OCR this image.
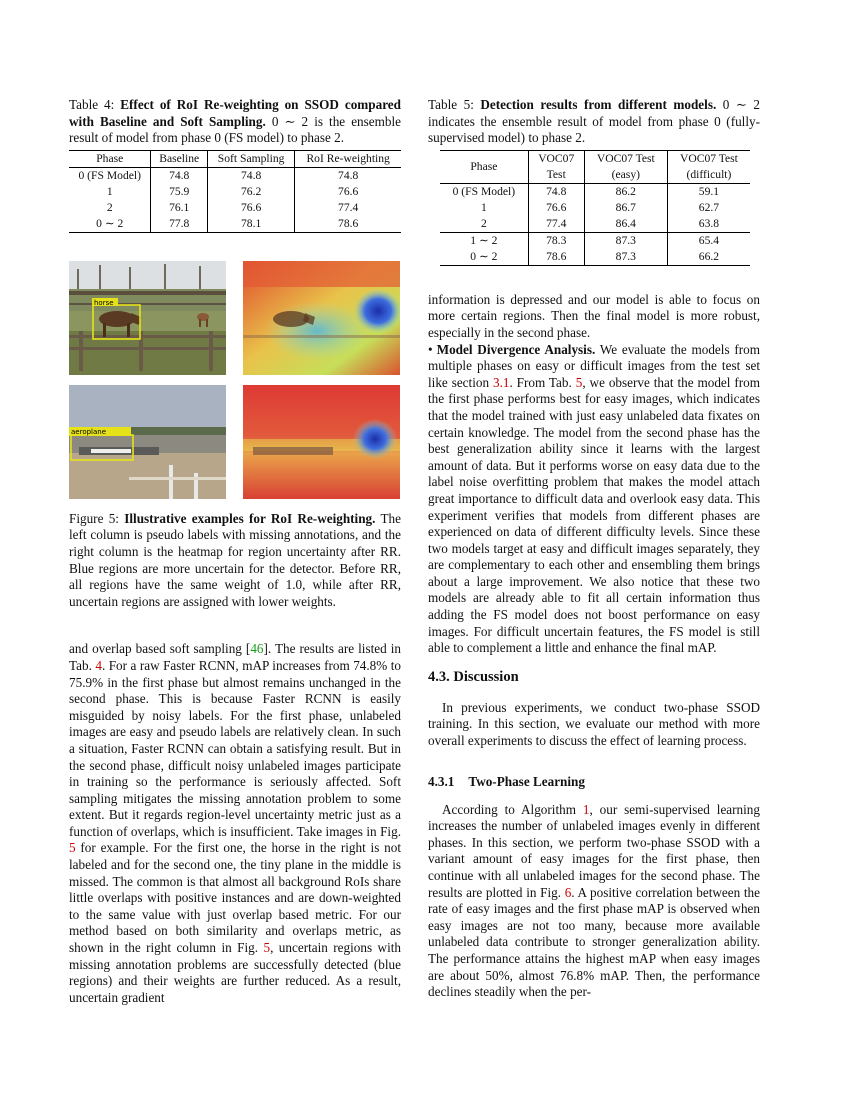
Table 4: Effect of RoI Re-weighting on SSOD compared with Baseline and Soft Sampling. 0 ∼ 2 is the ensemble result of model from phase 0 (FS model) to phase 2.

Phase	Baseline	Soft Sampling	RoI Re-weighting
0 (FS Model)	74.8	74.8	74.8
1	75.9	76.2	76.6
2	76.1	76.6	77.4
0 ∼ 2	77.8	78.1	78.6
horse
aeroplane

Figure 5: Illustrative examples for RoI Re-weighting. The left column is pseudo labels with missing annotations, and the right column is the heatmap for region uncertainty after RR. Blue regions are more uncertain for the detector. Before RR, all regions have the same weight of 1.0, while after RR, uncertain regions are assigned with lower weights.

and overlap based soft sampling [46]. The results are listed in Tab. 4. For a raw Faster RCNN, mAP increases from 74.8% to 75.9% in the first phase but almost remains unchanged in the second phase. This is because Faster RCNN is easily misguided by noisy labels. For the first phase, unlabeled images are easy and pseudo labels are relatively clean. In such a situation, Faster RCNN can obtain a satisfying result. But in the second phase, difficult noisy unlabeled images participate in training so the performance is seriously affected. Soft sampling mitigates the missing annotation problem to some extent. But it regards region-level uncertainty metric just as a function of overlaps, which is insufficient. Take images in Fig. 5 for example. For the first one, the horse in the right is not labeled and for the second one, the tiny plane in the middle is missed. The common is that almost all background RoIs share little overlaps with positive instances and are down-weighted to the same value with just overlap based metric. For our method based on both similarity and overlaps metric, as shown in the right column in Fig. 5, uncertain regions with missing annotation problems are successfully detected (blue regions) and their weights are further reduced. As a result, uncertain gradient

Table 5: Detection results from different models. 0 ∼ 2 indicates the ensemble result of model from phase 0 (fully-supervised model) to phase 2.

Phase	VOC07	VOC07 Test	VOC07 Test
	Test	(easy)	(difficult)
0 (FS Model)	74.8	86.2	59.1
1	76.6	86.7	62.7
2	77.4	86.4	63.8
1 ∼ 2	78.3	87.3	65.4
0 ∼ 2	78.6	87.3	66.2

information is depressed and our model is able to focus on more certain regions. Then the final model is more robust, especially in the second phase.

• Model Divergence Analysis. We evaluate the models from multiple phases on easy or difficult images from the test set like section 3.1. From Tab. 5, we observe that the model from the first phase performs best for easy images, which indicates that the model trained with just easy unlabeled data fixates on certain knowledge. The model from the second phase has the best generalization ability since it learns with the largest amount of data. But it performs worse on easy data due to the label noise overfitting problem that makes the model attach great importance to difficult data and overlook easy data. This experiment verifies that models from different phases are experienced on data of different difficulty levels. Since these two models target at easy and difficult images separately, they are complementary to each other and ensembling them brings about a large improvement. We also notice that these two models are already able to fit all certain information thus adding the FS model does not boost performance on easy images. For difficult uncertain features, the FS model is still able to complement a little and enhance the final mAP.

4.3. Discussion

In previous experiments, we conduct two-phase SSOD training. In this section, we evaluate our method with more overall experiments to discuss the effect of learning process.

4.3.1 Two-Phase Learning

According to Algorithm 1, our semi-supervised learning increases the number of unlabeled images evenly in different phases. In this section, we perform two-phase SSOD with a variant amount of easy images for the first phase, then continue with all unlabeled images for the second phase. The results are plotted in Fig. 6. A positive correlation between the rate of easy images and the first phase mAP is observed when easy images are not too many, because more available unlabeled data contribute to stronger generalization ability. The performance attains the highest mAP when easy images are about 50%, almost 76.8% mAP. Then, the performance declines steadily when the per-
